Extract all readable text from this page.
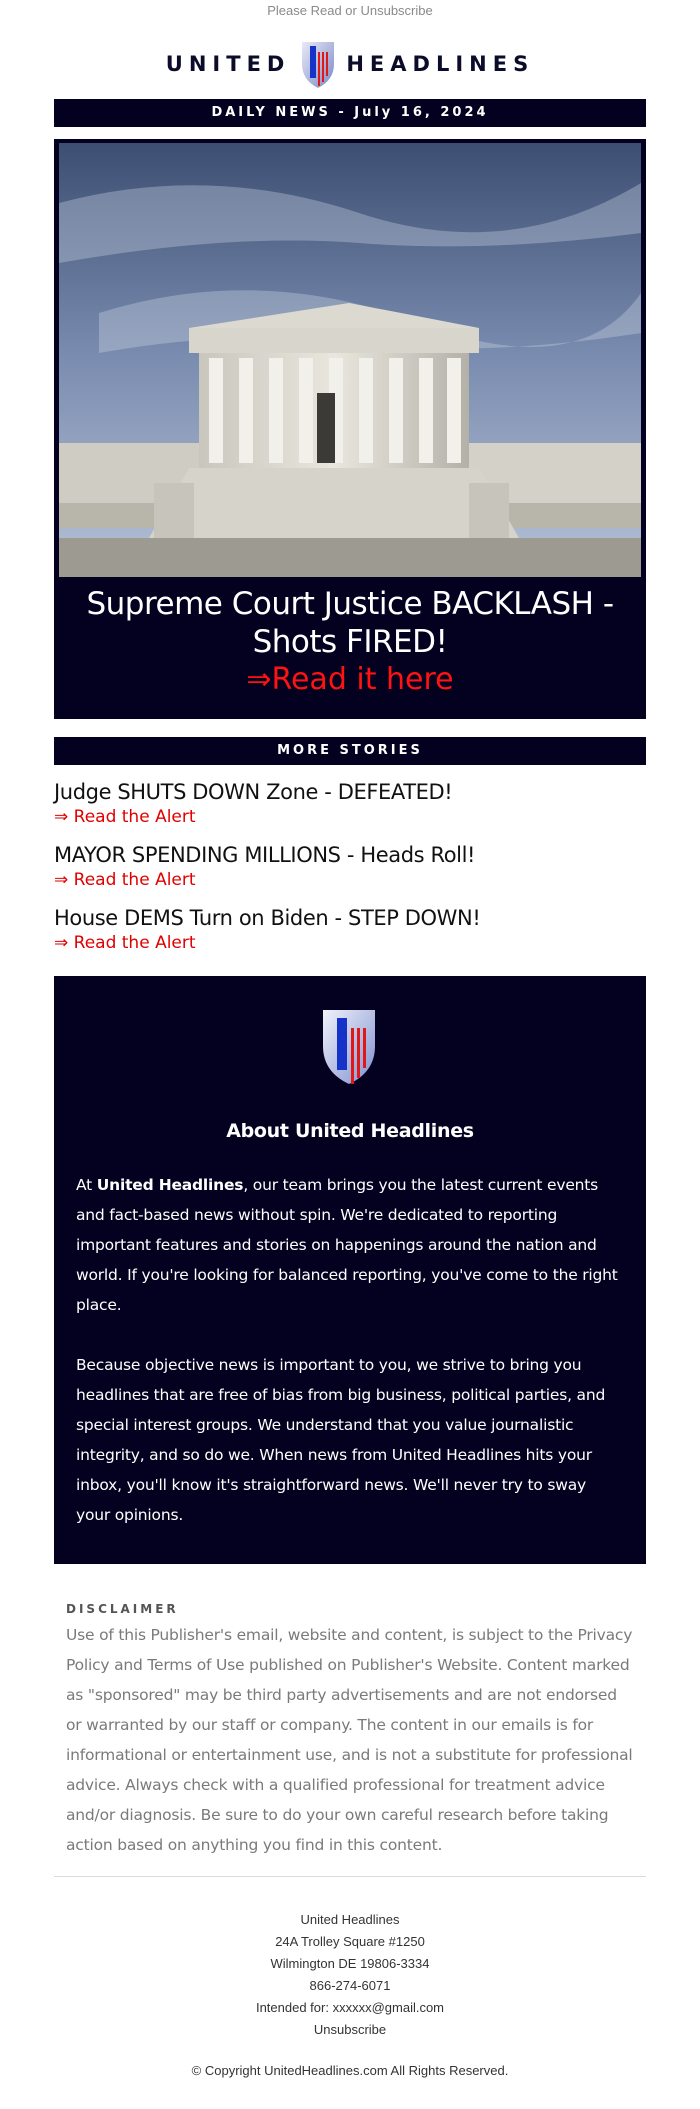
Please Read or Unsubscribe
UNITED	HEADLINES
DAILY NEWS - July 16, 2024
Supreme Court Justice BACKLASH - Shots FIRED!
⇒Read it here
MORE STORIES
Judge SHUTS DOWN Zone - DEFEATED!
⇒ Read the Alert
MAYOR SPENDING MILLIONS - Heads Roll!
⇒ Read the Alert
House DEMS Turn on Biden - STEP DOWN!
⇒ Read the Alert
About United Headlines

At United Headlines, our team brings you the latest current events and fact-based news without spin. We're dedicated to reporting important features and stories on happenings around the nation and world. If you're looking for balanced reporting, you've come to the right place.

Because objective news is important to you, we strive to bring you headlines that are free of bias from big business, political parties, and special interest groups. We understand that you value journalistic integrity, and so do we. When news from United Headlines hits your inbox, you'll know it's straightforward news. We'll never try to sway your opinions.

DISCLAIMER
Use of this Publisher's email, website and content, is subject to the Privacy Policy and Terms of Use published on Publisher's Website. Content marked as "sponsored" may be third party advertisements and are not endorsed or warranted by our staff or company. The content in our emails is for informational or entertainment use, and is not a substitute for professional advice. Always check with a qualified professional for treatment advice and/or diagnosis. Be sure to do your own careful research before taking action based on anything you find in this content.
United Headlines
24A Trolley Square #1250
Wilmington DE 19806-3334
866-274-6071
Intended for: xxxxxx@gmail.com
Unsubscribe
© Copyright UnitedHeadlines.com All Rights Reserved.
